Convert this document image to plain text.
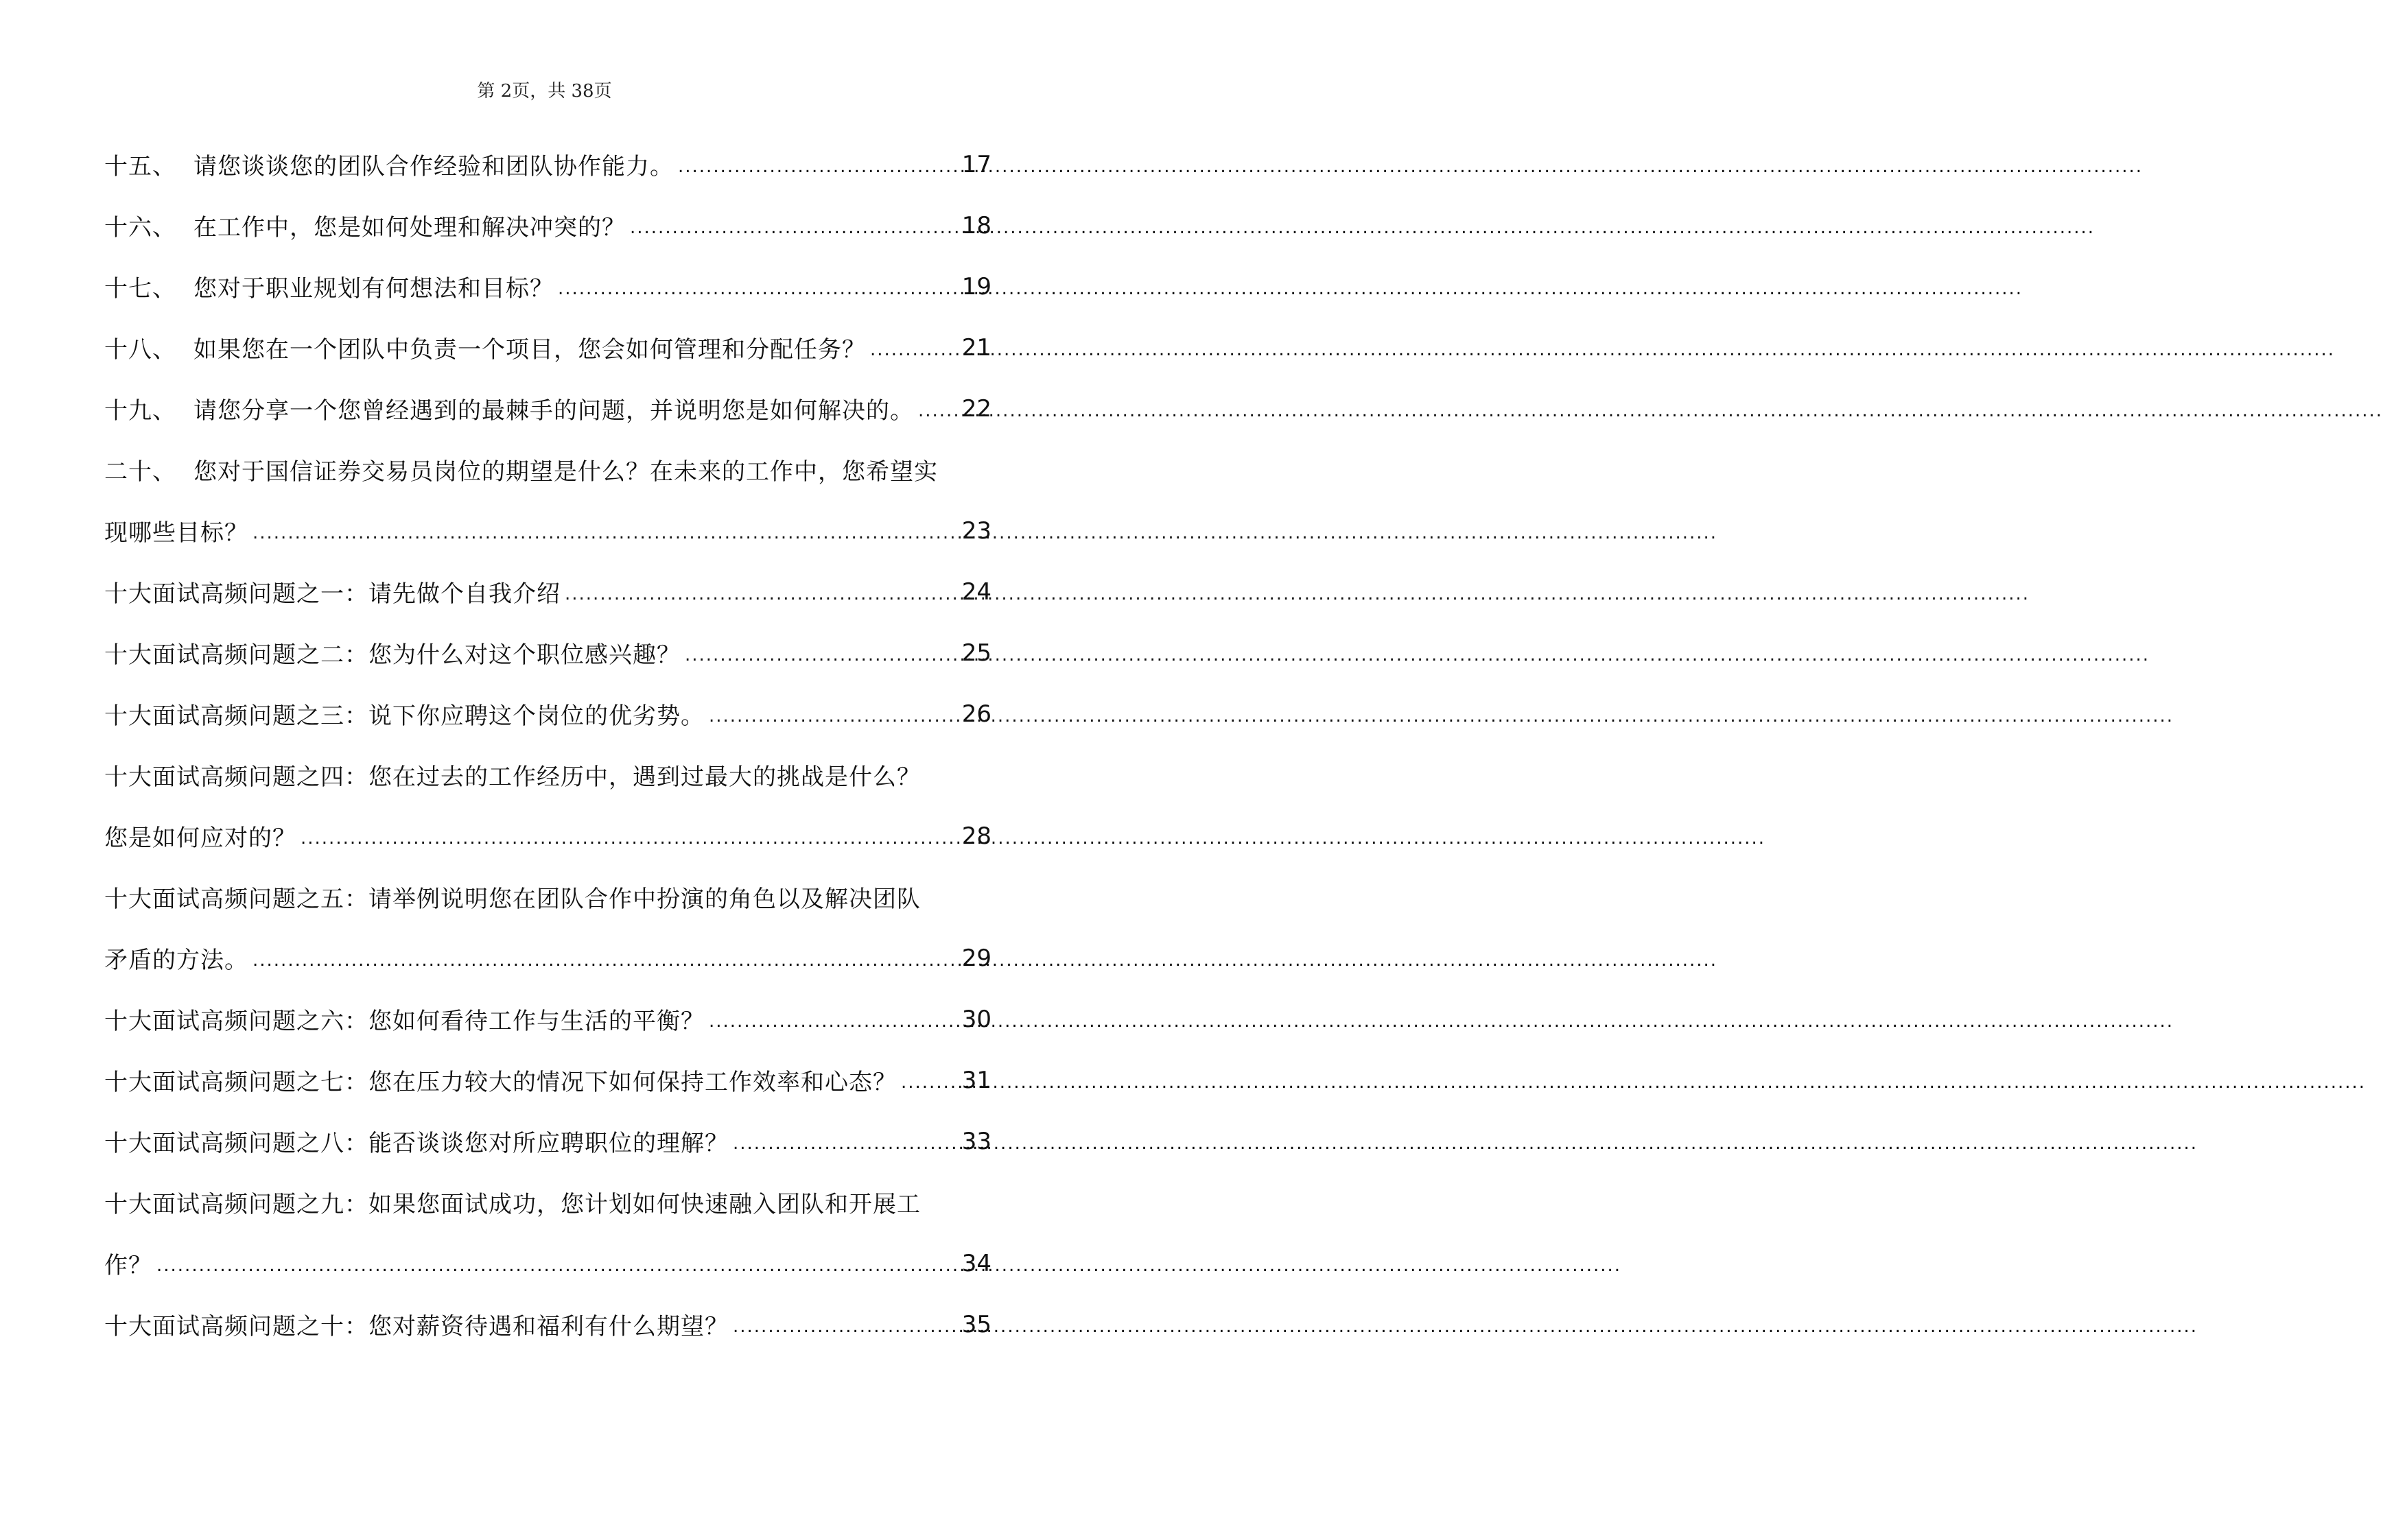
第 2页，共 38页
十五、 请您谈谈您的团队合作经验和团队协作能力。 .....	17
十六、 在工作中，您是如何处理和解决冲突的？ .....	18
十七、 您对于职业规划有何想法和目标？ .....	19
十八、 如果您在一个团队中负责一个项目，您会如何管理和分配任务？ .....	21
十九、 请您分享一个您曾经遇到的最棘手的问题，并说明您是如何解决的。 ..... 22
二十、 您对于国信证券交易员岗位的期望是什么？在未来的工作中，您希望实
现哪些目标？ .....	23
十大面试高频问题之一：请先做个自我介绍 .....	24
十大面试高频问题之二：您为什么对这个职位感兴趣？ .....	25
十大面试高频问题之三：说下你应聘这个岗位的优劣势。 .....	26
十大面试高频问题之四：您在过去的工作经历中，遇到过最大的挑战是什么？
您是如何应对的？ .....	28
十大面试高频问题之五：请举例说明您在团队合作中扮演的角色以及解决团队
矛盾的方法。 .....	29
十大面试高频问题之六：您如何看待工作与生活的平衡？ .....	30
十大面试高频问题之七：您在压力较大的情况下如何保持工作效率和心态？ .....	31
十大面试高频问题之八：能否谈谈您对所应聘职位的理解？ .....	33
十大面试高频问题之九：如果您面试成功，您计划如何快速融入团队和开展工
作？ .....	34
十大面试高频问题之十：您对薪资待遇和福利有什么期望？ .....	35
